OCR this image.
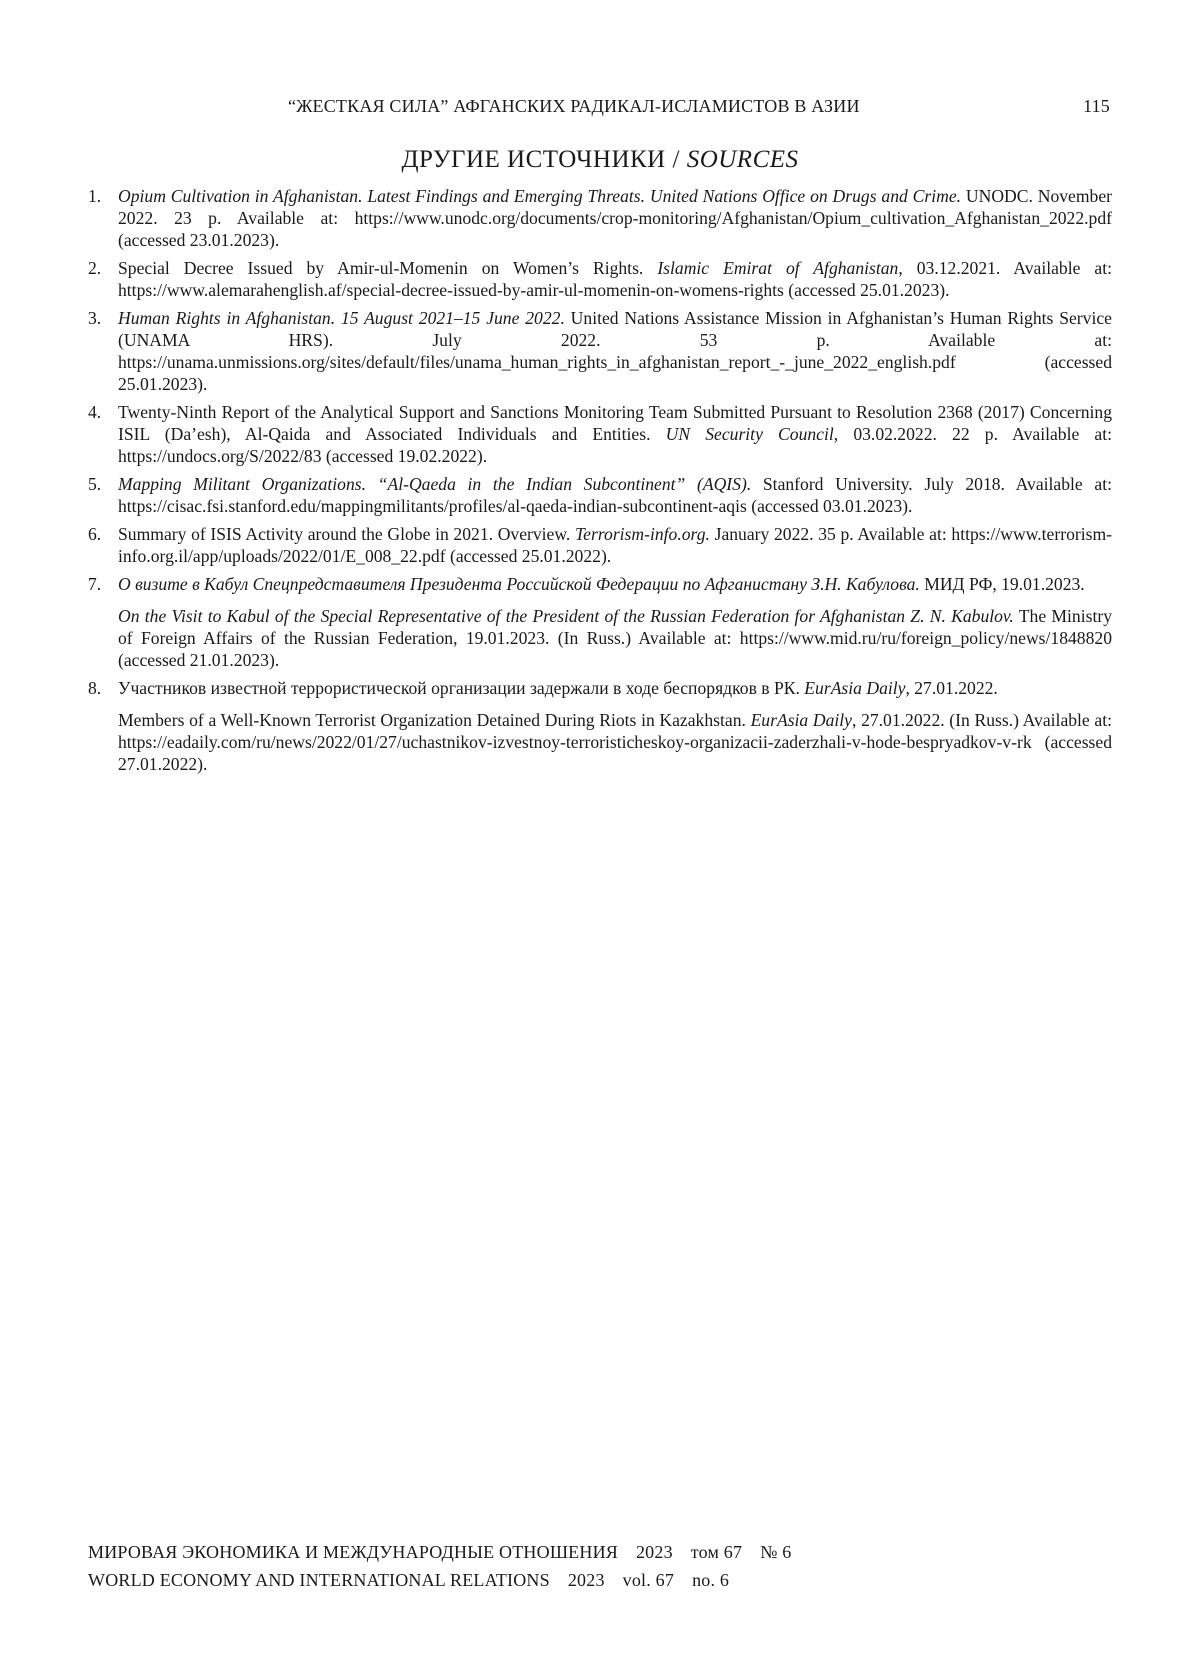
“ЖЕСТКАЯ СИЛА” АФГАНСКИХ РАДИКАЛ-ИСЛАМИСТОВ В АЗИИ	115
ДРУГИЕ ИСТОЧНИКИ / SOURCES
1. Opium Cultivation in Afghanistan. Latest Findings and Emerging Threats. United Nations Office on Drugs and Crime. UNODC. November 2022. 23 p. Available at: https://www.unodc.org/documents/crop-monitoring/Afghanistan/Opium_cultivation_Afghanistan_2022.pdf (accessed 23.01.2023).

2. Special Decree Issued by Amir-ul-Momenin on Women’s Rights. Islamic Emirat of Afghanistan, 03.12.2021. Available at: https://www.alemarahenglish.af/special-decree-issued-by-amir-ul-momenin-on-womens-rights (accessed 25.01.2023).

3. Human Rights in Afghanistan. 15 August 2021–15 June 2022. United Nations Assistance Mission in Afghanistan’s Human Rights Service (UNAMA HRS). July 2022. 53 p. Available at: https://unama.unmissions.org/sites/default/files/unama_human_rights_in_afghanistan_report_-_june_2022_english.pdf (accessed 25.01.2023).

4. Twenty-Ninth Report of the Analytical Support and Sanctions Monitoring Team Submitted Pursuant to Resolution 2368 (2017) Concerning ISIL (Da’esh), Al-Qaida and Associated Individuals and Entities. UN Security Council, 03.02.2022. 22 p. Available at: https://undocs.org/S/2022/83 (accessed 19.02.2022).

5. Mapping Militant Organizations. “Al-Qaeda in the Indian Subcontinent” (AQIS). Stanford University. July 2018. Available at: https://cisac.fsi.stanford.edu/mappingmilitants/profiles/al-qaeda-indian-subcontinent-aqis (accessed 03.01.2023).

6. Summary of ISIS Activity around the Globe in 2021. Overview. Terrorism-info.org. January 2022. 35 p. Available at: https://www.terrorism-info.org.il/app/uploads/2022/01/E_008_22.pdf (accessed 25.01.2022).

7. О визите в Кабул Спецпредставителя Президента Российской Федерации по Афганистану З.Н. Кабулова. МИД РФ, 19.01.2023.

On the Visit to Kabul of the Special Representative of the President of the Russian Federation for Afghanistan Z. N. Kabulov. The Ministry of Foreign Affairs of the Russian Federation, 19.01.2023. (In Russ.) Available at: https://www.mid.ru/ru/foreign_policy/news/1848820 (accessed 21.01.2023).

8. Участников известной террористической организации задержали в ходе беспорядков в РК. EurAsia Daily, 27.01.2022.

Members of a Well-Known Terrorist Organization Detained During Riots in Kazakhstan. EurAsia Daily, 27.01.2022. (In Russ.) Available at: https://eadaily.com/ru/news/2022/01/27/uchastnikov-izvestnoy-terroristicheskoy-organizacii-zaderzhali-v-hode-bespryadkov-v-rk (accessed 27.01.2022).

МИРОВАЯ ЭКОНОМИКА И МЕЖДУНАРОДНЫЕ ОТНОШЕНИЯ 2023 том 67 № 6
WORLD ECONOMY AND INTERNATIONAL RELATIONS 2023 vol. 67 no. 6
